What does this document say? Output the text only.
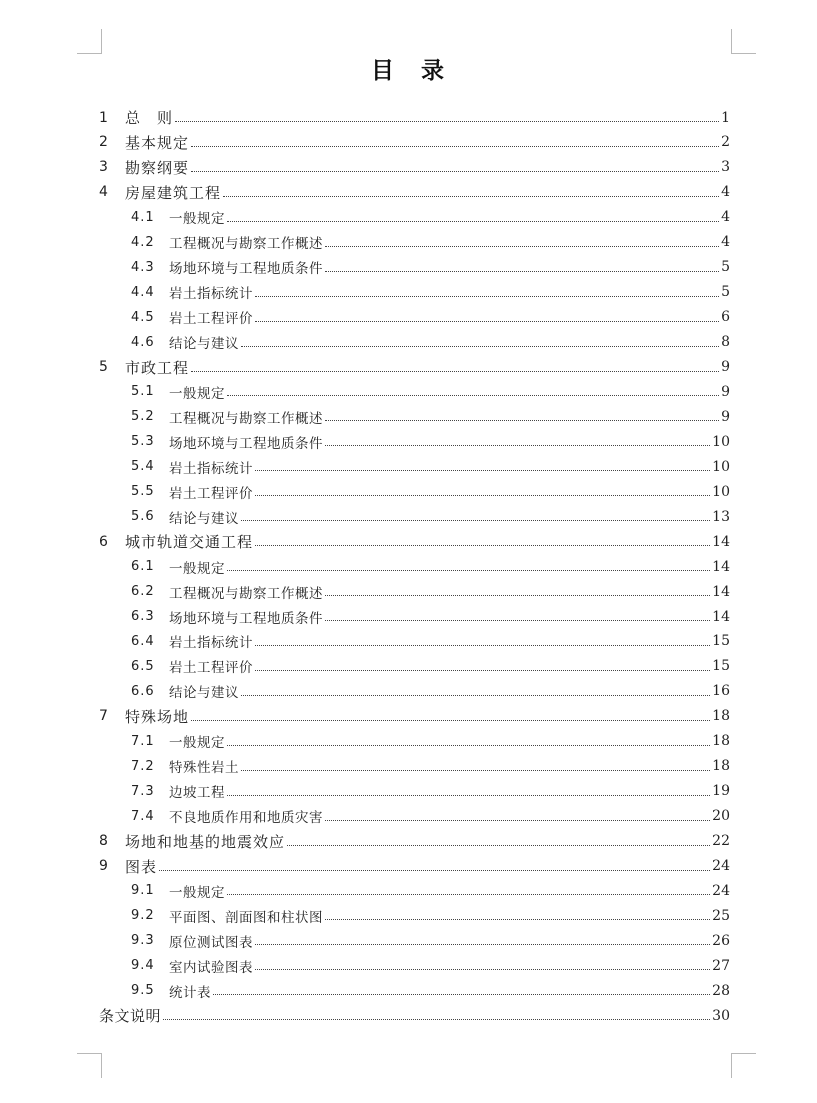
目　录
1	总　则	1
2	基本规定	2
3	勘察纲要	3
4	房屋建筑工程	4
4.1	一般规定	4
4.2	工程概况与勘察工作概述	4
4.3	场地环境与工程地质条件	5
4.4	岩土指标统计	5
4.5	岩土工程评价	6
4.6	结论与建议	8
5	市政工程	9
5.1	一般规定	9
5.2	工程概况与勘察工作概述	9
5.3	场地环境与工程地质条件	10
5.4	岩土指标统计	10
5.5	岩土工程评价	10
5.6	结论与建议	13
6	城市轨道交通工程	14
6.1	一般规定	14
6.2	工程概况与勘察工作概述	14
6.3	场地环境与工程地质条件	14
6.4	岩土指标统计	15
6.5	岩土工程评价	15
6.6	结论与建议	16
7	特殊场地	18
7.1	一般规定	18
7.2	特殊性岩土	18
7.3	边坡工程	19
7.4	不良地质作用和地质灾害	20
8	场地和地基的地震效应	22
9	图表	24
9.1	一般规定	24
9.2	平面图、剖面图和柱状图	25
9.3	原位测试图表	26
9.4	室内试验图表	27
9.5	统计表	28
条文说明	30
